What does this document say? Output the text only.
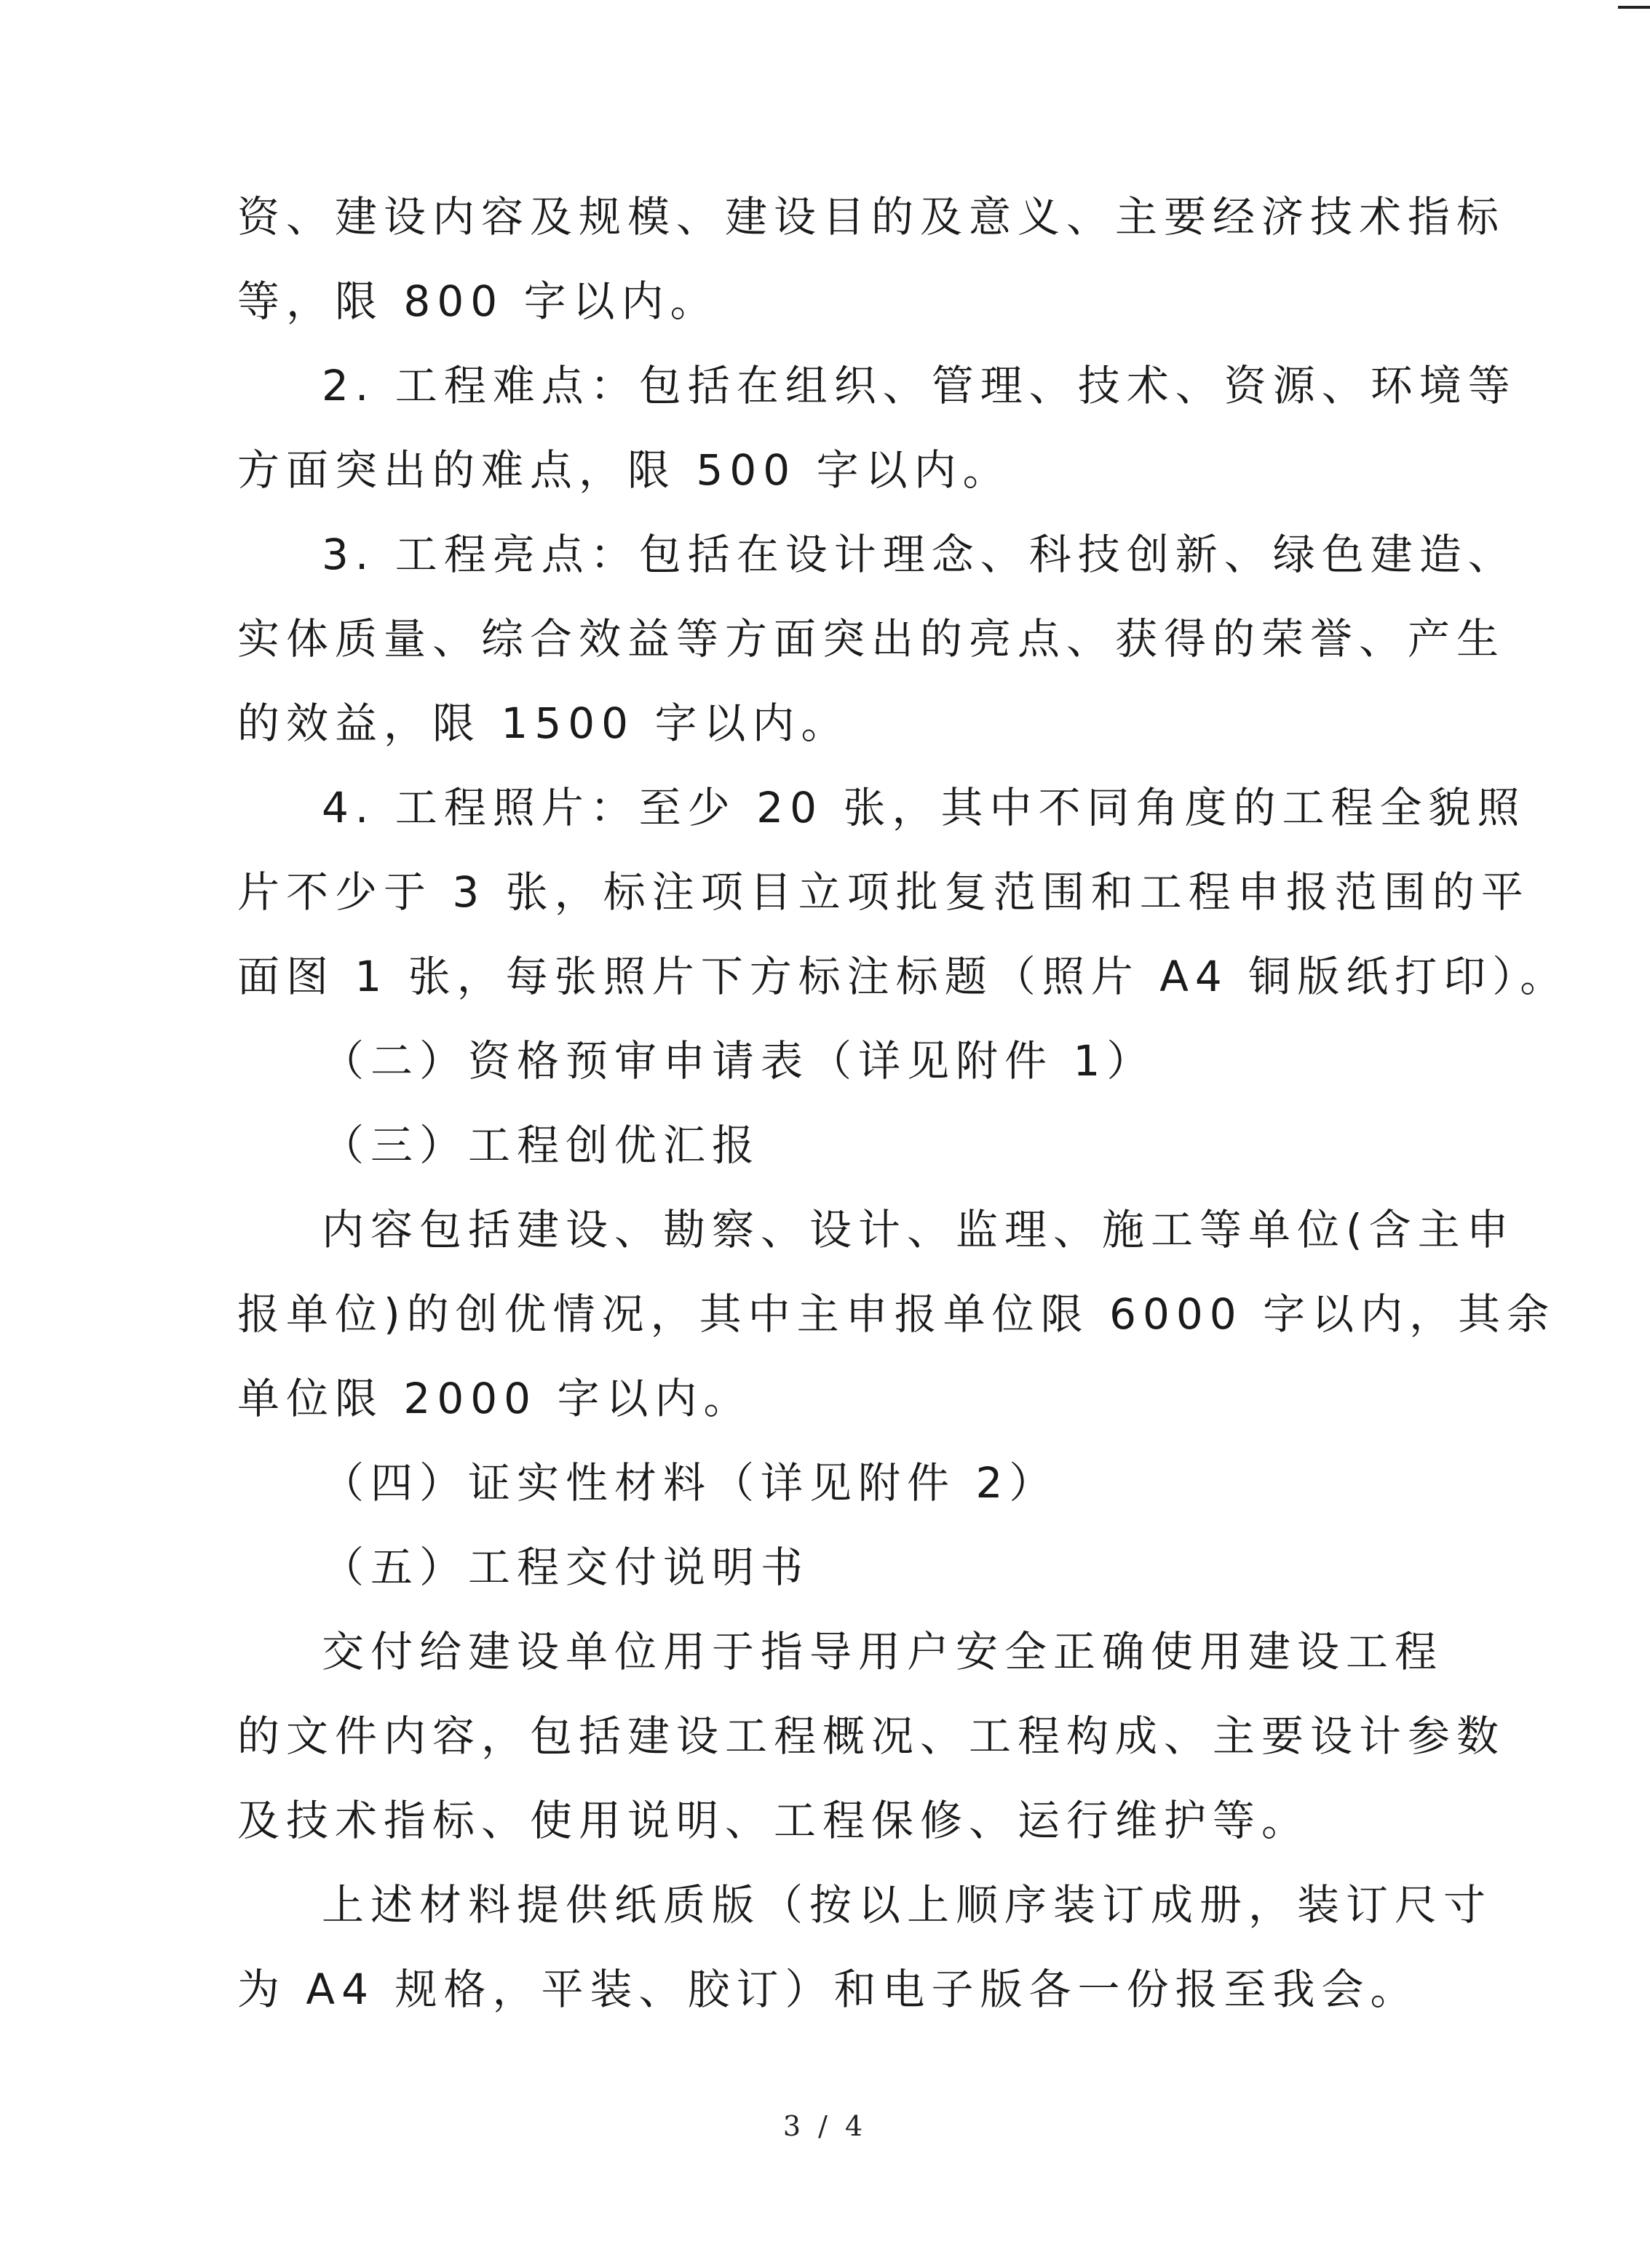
资、建设内容及规模、建设目的及意义、主要经济技术指标
等，限 800 字以内。
2. 工程难点：包括在组织、管理、技术、资源、环境等
方面突出的难点，限 500 字以内。
3. 工程亮点：包括在设计理念、科技创新、绿色建造、
实体质量、综合效益等方面突出的亮点、获得的荣誉、产生
的效益，限 1500 字以内。
4. 工程照片：至少 20 张，其中不同角度的工程全貌照
片不少于 3 张，标注项目立项批复范围和工程申报范围的平
面图 1 张，每张照片下方标注标题（照片 A4 铜版纸打印）。
（二）资格预审申请表（详见附件 1）
（三）工程创优汇报
内容包括建设、勘察、设计、监理、施工等单位(含主申
报单位)的创优情况，其中主申报单位限 6000 字以内，其余
单位限 2000 字以内。
（四）证实性材料（详见附件 2）
（五）工程交付说明书
交付给建设单位用于指导用户安全正确使用建设工程
的文件内容，包括建设工程概况、工程构成、主要设计参数
及技术指标、使用说明、工程保修、运行维护等。
上述材料提供纸质版（按以上顺序装订成册，装订尺寸
为 A4 规格，平装、胶订）和电子版各一份报至我会。
3 / 4
